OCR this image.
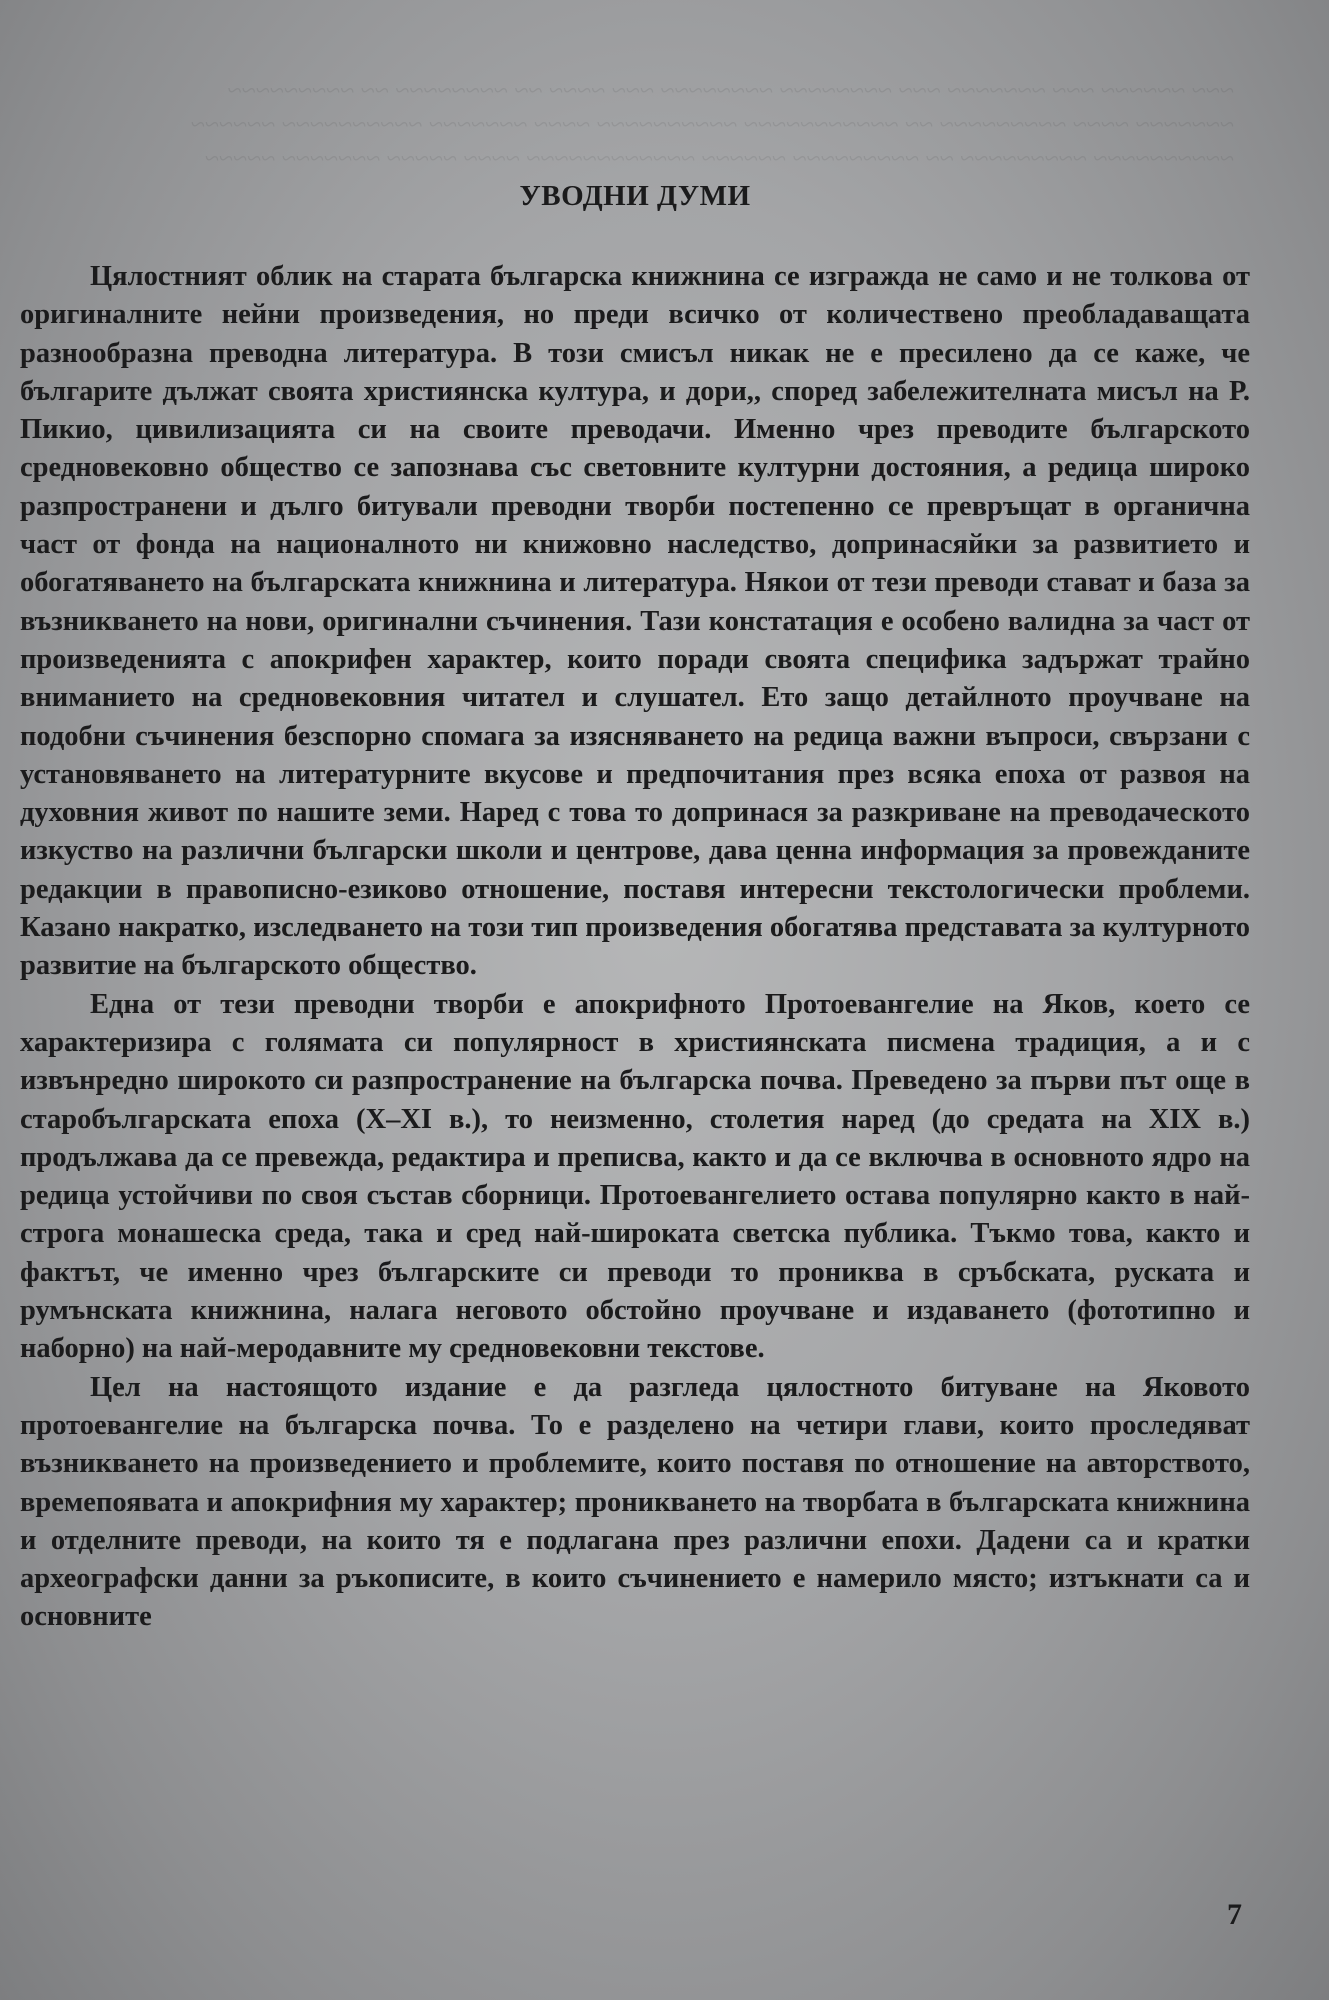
~~~ ~~~~~~ ~~~ ~~~~~~~ ~~~ ~~~~~~~~ ~~~~~~~~ ~~~ ~~~~ ~~ ~~~~~~~~ ~~ ~~~~~~~~~
~~~~~~~ ~~~~ ~~~~~~~~~ ~~ ~~~~~~~~~~~ ~~~~~~~~~~ ~~~~ ~~~~~~~ ~~~~~~~~~~ ~~~~~~
~~~~~~~~~~ ~~~~~~~~~ ~~ ~~~~~~~~~ ~~~~~~ ~~~~~~~~~~~~ ~~~~ ~~~~~ ~~~~~~~ ~~~~~

УВОДНИ ДУМИ

Цялостният облик на старата българска книжнина се изгражда не само и не толкова от оригиналните нейни произведения, но преди всичко от количествено преобладаващата разнообразна преводна литература. В този смисъл никак не е пресилено да се каже, че българите дължат своята християнска култура, и дори,, според забележителната мисъл на Р. Пикио, цивилизацията си на своите преводачи. Именно чрез преводите българското средновековно общество се запознава със световните културни достояния, а редица широко разпространени и дълго битували преводни творби постепенно се превръщат в органична част от фонда на националното ни книжовно наследство, допринасяйки за развитието и обогатяването на българската книжнина и литература. Някои от тези преводи стават и база за възникването на нови, оригинални съчинения. Тази констатация е особено валидна за част от произведенията с апокрифен характер, които поради своята специфика задържат трайно вниманието на средновековния читател и слушател. Ето защо детайлното проучване на подобни съчинения безспорно спомага за изясняването на редица важни въпроси, свързани с установяването на литературните вкусове и предпочитания през всяка епоха от развоя на духовния живот по нашите земи. Наред с това то допринася за разкриване на преводаческото изкуство на различни български школи и центрове, дава ценна информация за провежданите редакции в правописно-езиково отношение, поставя интересни текстологически проблеми. Казано накратко, изследването на този тип произведения обогатява представата за културното развитие на българското общество.

Една от тези преводни творби е апокрифното Протоевангелие на Яков, което се характеризира с голямата си популярност в християнската писмена традиция, а и с извънредно широкото си разпространение на българска почва. Преведено за първи път още в старобългарската епоха (X–XI в.), то неизменно, столетия наред (до средата на XIX в.) продължава да се превежда, редактира и преписва, както и да се включва в основното ядро на редица устойчиви по своя състав сборници. Протоевангелието остава популярно както в най-строга монашеска среда, така и сред най-широката светска публика. Тъкмо това, както и фактът, че именно чрез българските си преводи то прониква в сръбската, руската и румънската книжнина, налага неговото обстойно проучване и издаването (фототипно и наборно) на най-меродавните му средновековни текстове.

Цел на настоящото издание е да разгледа цялостното битуване на Яковото протоевангелие на българска почва. То е разделено на четири глави, които проследяват възникването на произведението и проблемите, които поставя по отношение на авторството, времепоявата и апокрифния му характер; проникването на творбата в българската книжнина и отделните преводи, на които тя е подлагана през различни епохи. Дадени са и кратки археографски данни за ръкописите, в които съчинението е намерило място; изтъкнати са и основните

7
